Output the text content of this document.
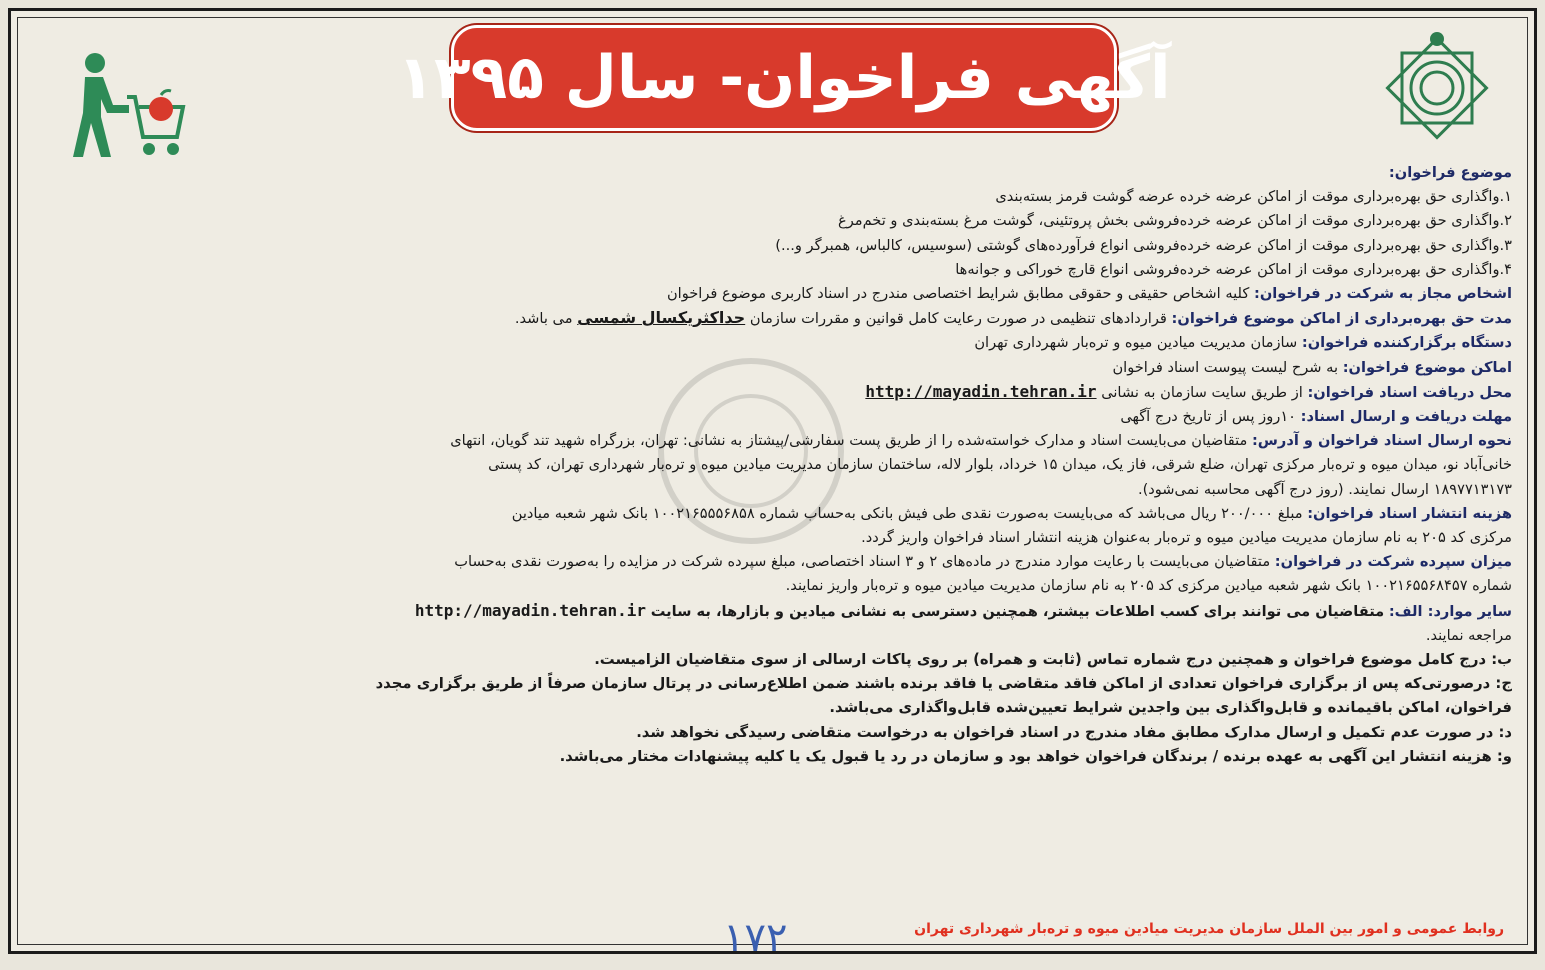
آگهی فراخوان- سال ۱۳۹۵

موضوع فراخوان:

۱.واگذاری حق بهره‌برداری موقت از اماکن عرضه خرده عرضه گوشت قرمز بسته‌بندی

۲.واگذاری حق بهره‌برداری موقت از اماکن عرضه خرده‌فروشی بخش پروتئینی، گوشت مرغ بسته‌بندی و تخم‌مرغ

۳.واگذاری حق بهره‌برداری موقت از اماکن عرضه خرده‌فروشی انواع فرآورده‌های گوشتی (سوسیس، کالباس، همبرگر و...)

۴.واگذاری حق بهره‌برداری موقت از اماکن عرضه خرده‌فروشی انواع قارچ خوراکی و جوانه‌ها

اشخاص مجاز به شرکت در فراخوان: کلیه اشخاص حقیقی و حقوقی مطابق شرایط اختصاصی مندرج در اسناد کاربری موضوع فراخوان

مدت حق بهره‌برداری از اماکن موضوع فراخوان: قراردادهای تنظیمی در صورت رعایت کامل قوانین و مقررات سازمان حداکثریکسال شمسی می باشد.

دستگاه برگزارکننده فراخوان: سازمان مدیریت میادین میوه و تره‌بار شهرداری تهران

اماکن موضوع فراخوان: به شرح لیست پیوست اسناد فراخوان

محل دریافت اسناد فراخوان: از طریق سایت سازمان به نشانی http://mayadin.tehran.ir

مهلت دریافت و ارسال اسناد: ۱۰روز پس از تاریخ درج آگهی

نحوه ارسال اسناد فراخوان و آدرس: متقاضیان می‌بایست اسناد و مدارک خواسته‌شده را از طریق پست سفارشی/پیشتاز به نشانی: تهران، بزرگراه شهید تند گویان، انتهای

خانی‌آباد نو، میدان میوه و تره‌بار مرکزی تهران، ضلع شرقی، فاز یک، میدان ۱۵ خرداد، بلوار لاله، ساختمان سازمان مدیریت میادین میوه و تره‌بار شهرداری تهران، کد پستی

۱۸۹۷۷۱۳۱۷۳ ارسال نمایند. (روز درج آگهی محاسبه نمی‌شود).

هزینه انتشار اسناد فراخوان: مبلغ ۲۰۰/۰۰۰ ریال می‌باشد که می‌بایست به‌صورت نقدی طی فیش بانکی به‌حساب شماره ۱۰۰۲۱۶۵۵۵۶۸۵۸ بانک شهر شعبه میادین

مرکزی کد ۲۰۵ به نام سازمان مدیریت میادین میوه و تره‌بار به‌عنوان هزینه انتشار اسناد فراخوان واریز گردد.

میزان سپرده شرکت در فراخوان: متقاضیان می‌بایست با رعایت موارد مندرج در ماده‌های ۲ و ۳ اسناد اختصاصی، مبلغ سپرده شرکت در مزایده را به‌صورت نقدی به‌حساب

شماره ۱۰۰۲۱۶۵۵۶۸۴۵۷ بانک شهر شعبه میادین مرکزی کد ۲۰۵ به نام سازمان مدیریت میادین میوه و تره‌بار واریز نمایند.

سایر موارد: الف: متقاضیان می توانند برای کسب اطلاعات بیشتر، همچنین دسترسی به نشانی میادین و بازارها، به سایت http://mayadin.tehran.ir

مراجعه نمایند.

ب: درج کامل موضوع فراخوان و همچنین درج شماره تماس (ثابت و همراه) بر روی پاکات ارسالی از سوی متقاضیان الزامیست.

ج: درصورتی‌که پس از برگزاری فراخوان تعدادی از اماکن فاقد متقاضی یا فاقد برنده باشند ضمن اطلاع‌رسانی در پرتال سازمان صرفاً از طریق برگزاری مجدد

فراخوان، اماکن باقیمانده و قابل‌واگذاری بین واجدین شرایط تعیین‌شده قابل‌واگذاری می‌باشد.

د: در صورت عدم تکمیل و ارسال مدارک مطابق مفاد مندرج در اسناد فراخوان به درخواست متقاضی رسیدگی نخواهد شد.

و: هزینه انتشار این آگهی به عهده برنده / برندگان فراخوان خواهد بود و سازمان در رد یا قبول یک یا کلیه پیشنهادات مختار می‌باشد.

۱۷۲	روابط عمومی و امور بین الملل سازمان مدیریت میادین میوه و تره‌بار شهرداری تهران
